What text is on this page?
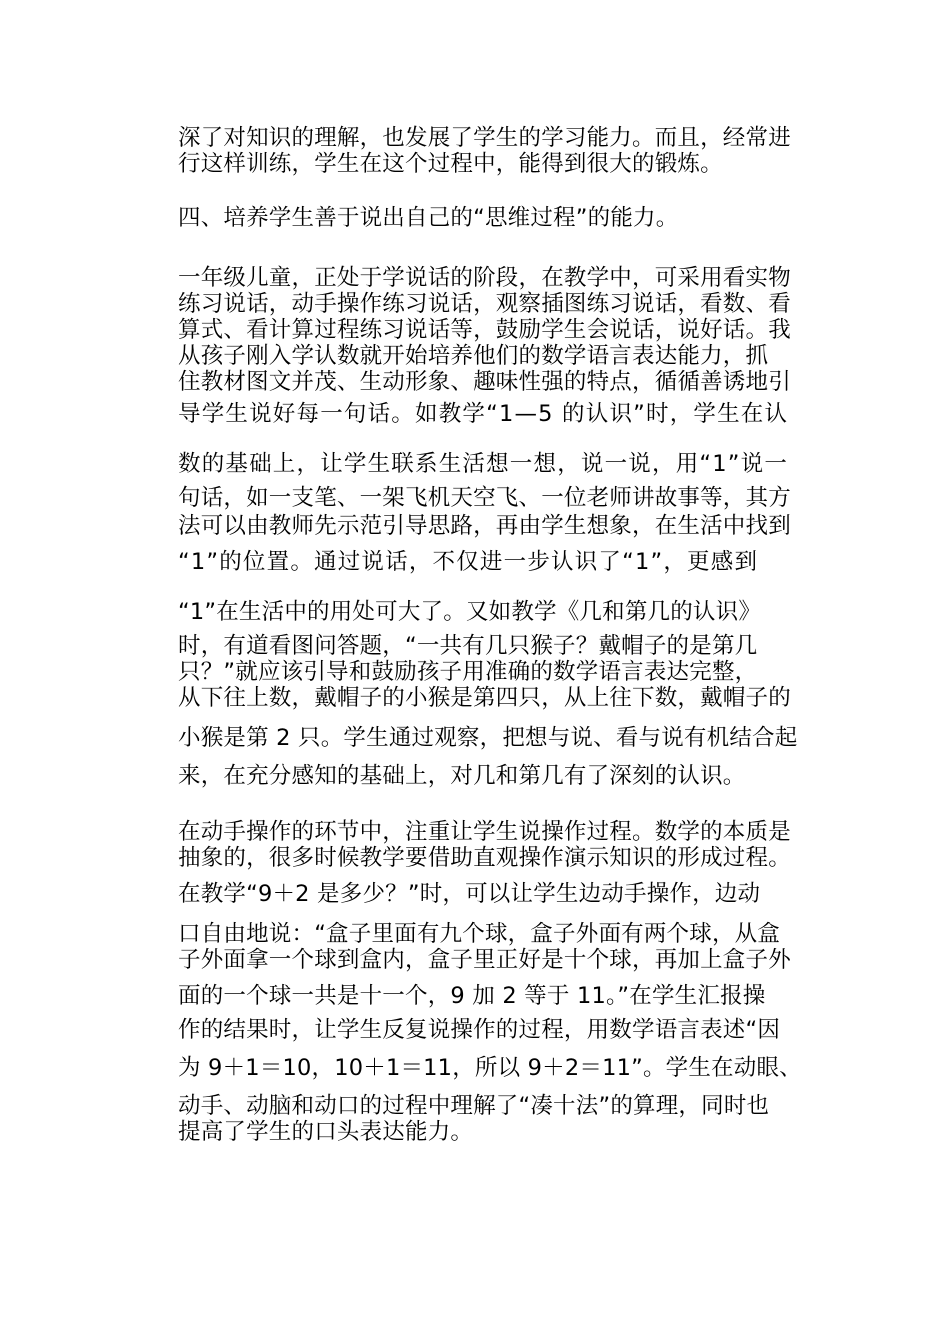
深了对知识的理解，也发展了学生的学习能力。而且，经常进
行这样训练，学生在这个过程中，能得到很大的锻炼。
四、培养学生善于说出自己的“思维过程”的能力。
一年级儿童，正处于学说话的阶段，在教学中，可采用看实物
练习说话，动手操作练习说话，观察插图练习说话，看数、看
算式、看计算过程练习说话等，鼓励学生会说话，说好话。我
从孩子刚入学认数就开始培养他们的数学语言表达能力，抓
住教材图文并茂、生动形象、趣味性强的特点，循循善诱地引
导学生说好每一句话。如教学“1—5 的认识”时，学生在认
数的基础上，让学生联系生活想一想，说一说，用“1”说一
句话，如一支笔、一架飞机天空飞、一位老师讲故事等，其方
法可以由教师先示范引导思路，再由学生想象，在生活中找到
“1”的位置。通过说话，不仅进一步认识了“1”，更感到
“1”在生活中的用处可大了。又如教学《几和第几的认识》
时，有道看图问答题，“一共有几只猴子？戴帽子的是第几
只？”就应该引导和鼓励孩子用准确的数学语言表达完整，
从下往上数，戴帽子的小猴是第四只，从上往下数，戴帽子的
小猴是第 2 只。学生通过观察，把想与说、看与说有机结合起
来，在充分感知的基础上，对几和第几有了深刻的认识。
在动手操作的环节中，注重让学生说操作过程。数学的本质是
抽象的，很多时候教学要借助直观操作演示知识的形成过程。
在教学“9＋2 是多少？”时，可以让学生边动手操作，边动
口自由地说：“盒子里面有九个球，盒子外面有两个球，从盒
子外面拿一个球到盒内，盒子里正好是十个球，再加上盒子外
面的一个球一共是十一个，9 加 2 等于 11。”在学生汇报操
作的结果时，让学生反复说操作的过程，用数学语言表述“因
为 9＋1＝10，10＋1＝11，所以 9＋2＝11”。学生在动眼、
动手、动脑和动口的过程中理解了“凑十法”的算理，同时也
提高了学生的口头表达能力。
